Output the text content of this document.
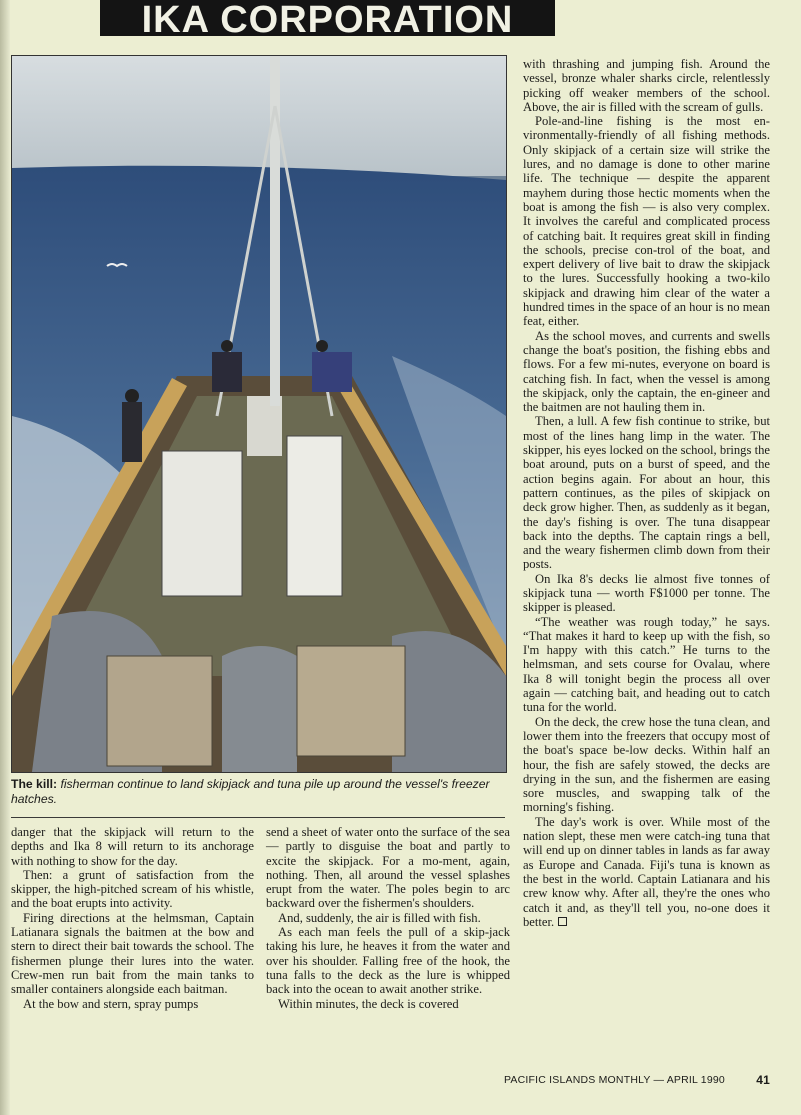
IKA CORPORATION
The kill: fisherman continue to land skipjack and tuna pile up around the vessel's freezer hatches.

danger that the skipjack will return to the depths and Ika 8 will return to its anchorage with nothing to show for the day.

Then: a grunt of satisfaction from the skipper, the high-pitched scream of his whistle, and the boat erupts into activity.

Firing directions at the helmsman, Captain Latianara signals the baitmen at the bow and stern to direct their bait towards the school. The fishermen plunge their lures into the water. Crew-men run bait from the main tanks to smaller containers alongside each baitman.

At the bow and stern, spray pumps

send a sheet of water onto the surface of the sea — partly to disguise the boat and partly to excite the skipjack. For a mo-ment, again, nothing. Then, all around the vessel splashes erupt from the water. The poles begin to arc backward over the fishermen's shoulders.

And, suddenly, the air is filled with fish.

As each man feels the pull of a skip-jack taking his lure, he heaves it from the water and over his shoulder. Falling free of the hook, the tuna falls to the deck as the lure is whipped back into the ocean to await another strike.

Within minutes, the deck is covered

with thrashing and jumping fish. Around the vessel, bronze whaler sharks circle, relentlessly picking off weaker members of the school. Above, the air is filled with the scream of gulls.

Pole-and-line fishing is the most en-vironmentally-friendly of all fishing methods. Only skipjack of a certain size will strike the lures, and no damage is done to other marine life. The technique — despite the apparent mayhem during those hectic moments when the boat is among the fish — is also very complex. It involves the careful and complicated process of catching bait. It requires great skill in finding the schools, precise con-trol of the boat, and expert delivery of live bait to draw the skipjack to the lures. Successfully hooking a two-kilo skipjack and drawing him clear of the water a hundred times in the space of an hour is no mean feat, either.

As the school moves, and currents and swells change the boat's position, the fishing ebbs and flows. For a few mi-nutes, everyone on board is catching fish. In fact, when the vessel is among the skipjack, only the captain, the en-gineer and the baitmen are not hauling them in.

Then, a lull. A few fish continue to strike, but most of the lines hang limp in the water. The skipper, his eyes locked on the school, brings the boat around, puts on a burst of speed, and the action begins again. For about an hour, this pattern continues, as the piles of skipjack on deck grow higher. Then, as suddenly as it began, the day's fishing is over. The tuna disappear back into the depths. The captain rings a bell, and the weary fishermen climb down from their posts.

On Ika 8's decks lie almost five tonnes of skipjack tuna — worth F$1000 per tonne. The skipper is pleased.

“The weather was rough today,” he says. “That makes it hard to keep up with the fish, so I'm happy with this catch.” He turns to the helmsman, and sets course for Ovalau, where Ika 8 will tonight begin the process all over again — catching bait, and heading out to catch tuna for the world.

On the deck, the crew hose the tuna clean, and lower them into the freezers that occupy most of the boat's space be-low decks. Within half an hour, the fish are safely stowed, the decks are drying in the sun, and the fishermen are easing sore muscles, and swapping talk of the morning's fishing.

The day's work is over. While most of the nation slept, these men were catch-ing tuna that will end up on dinner tables in lands as far away as Europe and Canada. Fiji's tuna is known as the best in the world. Captain Latianara and his crew know why. After all, they're the ones who catch it and, as they'll tell you, no-one does it better.

PACIFIC ISLANDS MONTHLY — APRIL 1990	41
